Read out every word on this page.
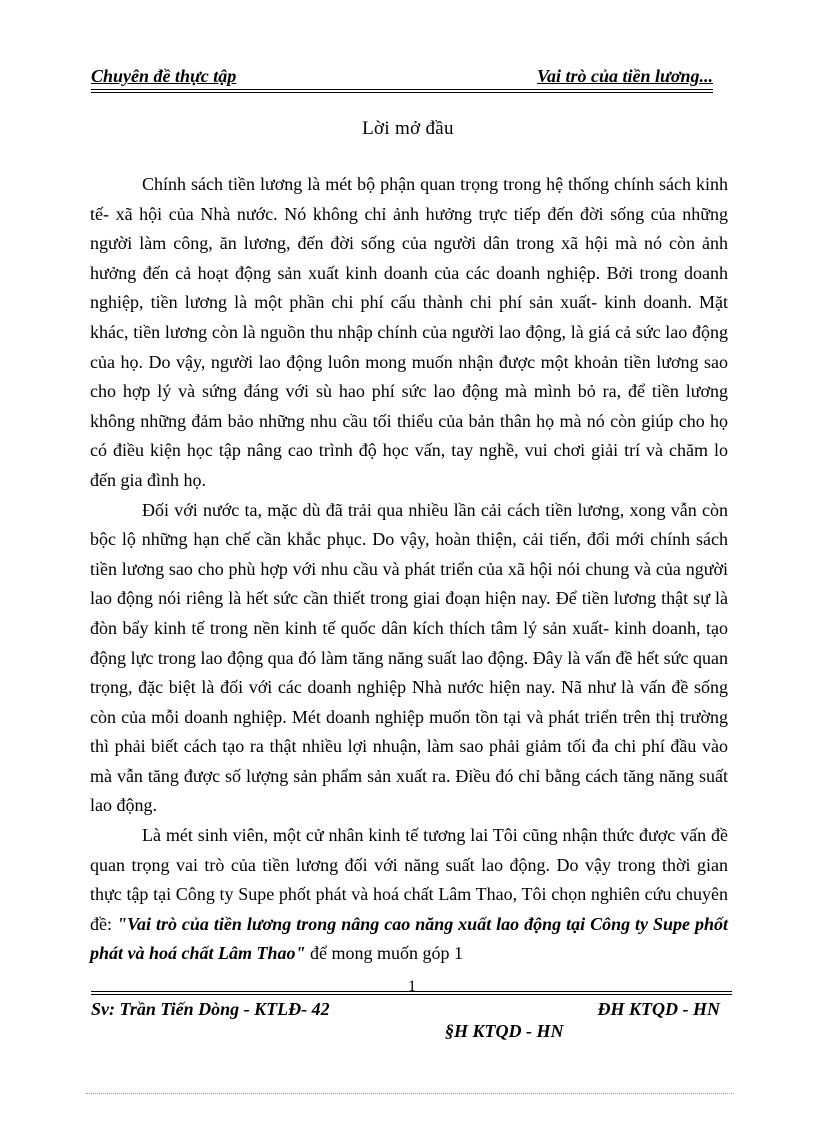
Chuyên đề thực tập	Vai trò của tiền lương...
Lời mở đầu

Chính sách tiền lương là mét bộ phận quan trọng trong hệ thống chính sách kinh tế- xã hội của Nhà nước. Nó không chỉ ảnh hưởng trực tiếp đến đời sống của những người làm công, ăn lương, đến đời sống của người dân trong xã hội mà nó còn ảnh hưởng đến cả hoạt động sản xuất kinh doanh của các doanh nghiệp. Bởi trong doanh nghiệp, tiền lương là một phần chi phí cấu thành chi phí sản xuất- kinh doanh. Mặt khác, tiền lương còn là nguồn thu nhập chính của người lao động, là giá cả sức lao động của họ. Do vậy, người lao động luôn mong muốn nhận được một khoản tiền lương sao cho hợp lý và sứng đáng với sù hao phí sức lao động mà mình bỏ ra, để tiền lương không những đảm bảo những nhu cầu tối thiểu của bản thân họ mà nó còn giúp cho họ có điều kiện học tập nâng cao trình độ học vấn, tay nghề, vui chơi giải trí và chăm lo đến gia đình họ.

Đối với nước ta, mặc dù đã trải qua nhiều lần cải cách tiền lương, xong vẫn còn bộc lộ những hạn chế cần khắc phục. Do vậy, hoàn thiện, cải tiến, đổi mới chính sách tiền lương sao cho phù hợp với nhu cầu và phát triển của xã hội nói chung và của người lao động nói riêng là hết sức cần thiết trong giai đoạn hiện nay. Để tiền lương thật sự là đòn bẩy kinh tế trong nền kinh tế quốc dân kích thích tâm lý sản xuất- kinh doanh, tạo động lực trong lao động qua đó làm tăng năng suất lao động. Đây là vấn đề hết sức quan trọng, đặc biệt là đối với các doanh nghiệp Nhà nước hiện nay. Nã như là vấn đề sống còn của mỗi doanh nghiệp. Mét doanh nghiệp muốn tồn tại và phát triển trên thị trường thì phải biết cách tạo ra thật nhiều lợi nhuận, làm sao phải giảm tối đa chi phí đầu vào mà vẫn tăng được số lượng sản phẩm sản xuất ra. Điều đó chỉ bằng cách tăng năng suất lao động.

Là mét sinh viên, một cử nhân kinh tế tương lai Tôi cũng nhận thức được vấn đề quan trọng vai trò của tiền lương đối với năng suất lao động. Do vậy trong thời gian thực tập tại Công ty Supe phốt phát và hoá chất Lâm Thao, Tôi chọn nghiên cứu chuyên đề: "Vai trò của tiền lương trong nâng cao năng xuất lao động tại Công ty Supe phốt phát và hoá chất Lâm Thao" để mong muốn góp 1

1
Sv: Trần Tiến Dòng - KTLĐ- 42	ĐH KTQD - HN
§H KTQD - HN
